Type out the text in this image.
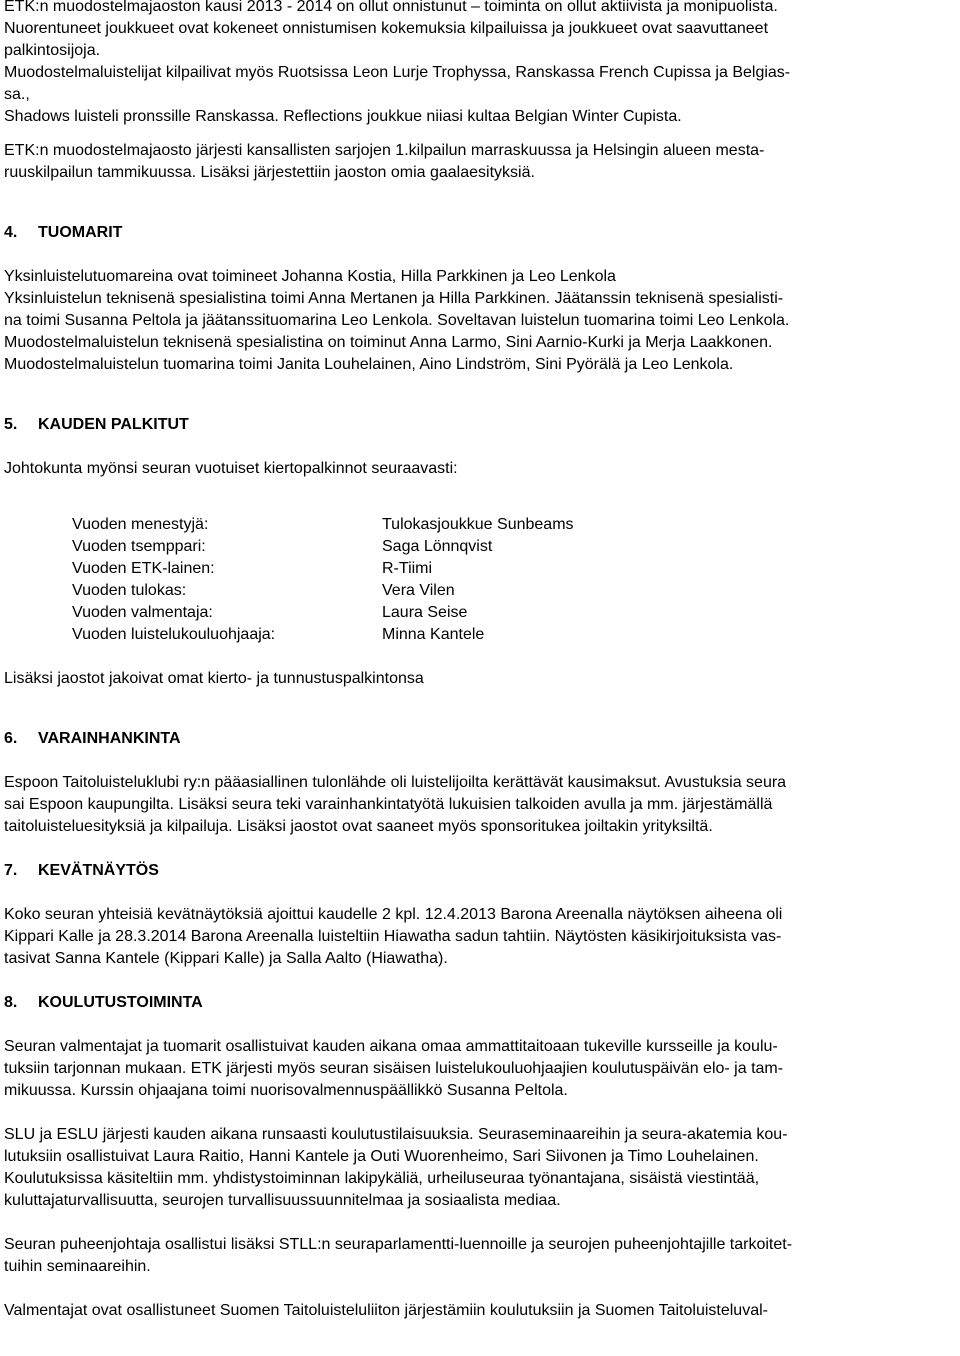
ETK:n muodostelmajaoston kausi 2013 - 2014 on ollut onnistunut – toiminta on ollut aktiivista ja monipuolista.

Nuorentuneet joukkueet ovat kokeneet onnistumisen kokemuksia kilpailuissa ja joukkueet ovat saavuttaneet

palkintosijoja.

Muodostelmaluistelijat kilpailivat myös Ruotsissa Leon Lurje Trophyssa, Ranskassa French Cupissa ja Belgias-

sa.,

Shadows luisteli pronssille Ranskassa. Reflections joukkue niiasi kultaa Belgian Winter Cupista.

ETK:n muodostelmajaosto järjesti kansallisten sarjojen 1.kilpailun marraskuussa ja Helsingin alueen mesta-

ruuskilpailun tammikuussa. Lisäksi järjestettiin jaoston omia gaalaesityksiä.

4.	TUOMARIT

Yksinluistelutuomareina ovat toimineet Johanna Kostia, Hilla Parkkinen ja Leo Lenkola

Yksinluistelun teknisenä spesialistina toimi Anna Mertanen ja Hilla Parkkinen. Jäätanssin teknisenä spesialisti-

na toimi Susanna Peltola ja jäätanssituomarina Leo Lenkola. Soveltavan luistelun tuomarina toimi Leo Lenkola.

Muodostelmaluistelun teknisenä spesialistina on toiminut Anna Larmo, Sini Aarnio-Kurki ja Merja Laakkonen.

Muodostelmaluistelun tuomarina toimi Janita Louhelainen, Aino Lindström, Sini Pyörälä ja Leo Lenkola.

5.	KAUDEN PALKITUT

Johtokunta myönsi seuran vuotuiset kiertopalkinnot seuraavasti:

Vuoden menestyjä:	Tulokasjoukkue Sunbeams
Vuoden tsemppari:	Saga Lönnqvist
Vuoden ETK-lainen:	R-Tiimi
Vuoden tulokas:	Vera Vilen
Vuoden valmentaja:	Laura Seise
Vuoden luistelukouluohjaaja:	Minna Kantele

Lisäksi jaostot jakoivat omat kierto- ja tunnustuspalkintonsa

6.	VARAINHANKINTA

Espoon Taitoluisteluklubi ry:n pääasiallinen tulonlähde oli luistelijoilta kerättävät kausimaksut. Avustuksia seura

sai Espoon kaupungilta. Lisäksi seura teki varainhankintatyötä lukuisien talkoiden avulla ja mm. järjestämällä

taitoluisteluesityksiä ja kilpailuja. Lisäksi jaostot ovat saaneet myös sponsoritukea joiltakin yrityksiltä.

7.	KEVÄTNÄYTÖS

Koko seuran yhteisiä kevätnäytöksiä ajoittui kaudelle 2 kpl. 12.4.2013 Barona Areenalla näytöksen aiheena oli

Kippari Kalle ja 28.3.2014 Barona Areenalla luisteltiin Hiawatha sadun tahtiin. Näytösten käsikirjoituksista vas-

tasivat Sanna Kantele (Kippari Kalle) ja Salla Aalto (Hiawatha).

8.	KOULUTUSTOIMINTA

Seuran valmentajat ja tuomarit osallistuivat kauden aikana omaa ammattitaitoaan tukeville kursseille ja koulu-

tuksiin tarjonnan mukaan. ETK järjesti myös seuran sisäisen luistelukouluohjaajien koulutuspäivän elo- ja tam-

mikuussa. Kurssin ohjaajana toimi nuorisovalmennuspäällikkö Susanna Peltola.

SLU ja ESLU järjesti kauden aikana runsaasti koulutustilaisuuksia. Seuraseminaareihin ja seura-akatemia kou-

lutuksiin osallistuivat Laura Raitio, Hanni Kantele ja Outi Wuorenheimo, Sari Siivonen ja Timo Louhelainen.

Koulutuksissa käsiteltiin mm. yhdistystoiminnan lakipykäliä, urheiluseuraa työnantajana, sisäistä viestintää,

kuluttajaturvallisuutta, seurojen turvallisuussuunnitelmaa ja sosiaalista mediaa.

Seuran puheenjohtaja osallistui lisäksi STLL:n seuraparlamentti-luennoille ja seurojen puheenjohtajille tarkoitet-

tuihin seminaareihin.

Valmentajat ovat osallistuneet Suomen Taitoluisteluliiton järjestämiin koulutuksiin ja Suomen Taitoluisteluval-
